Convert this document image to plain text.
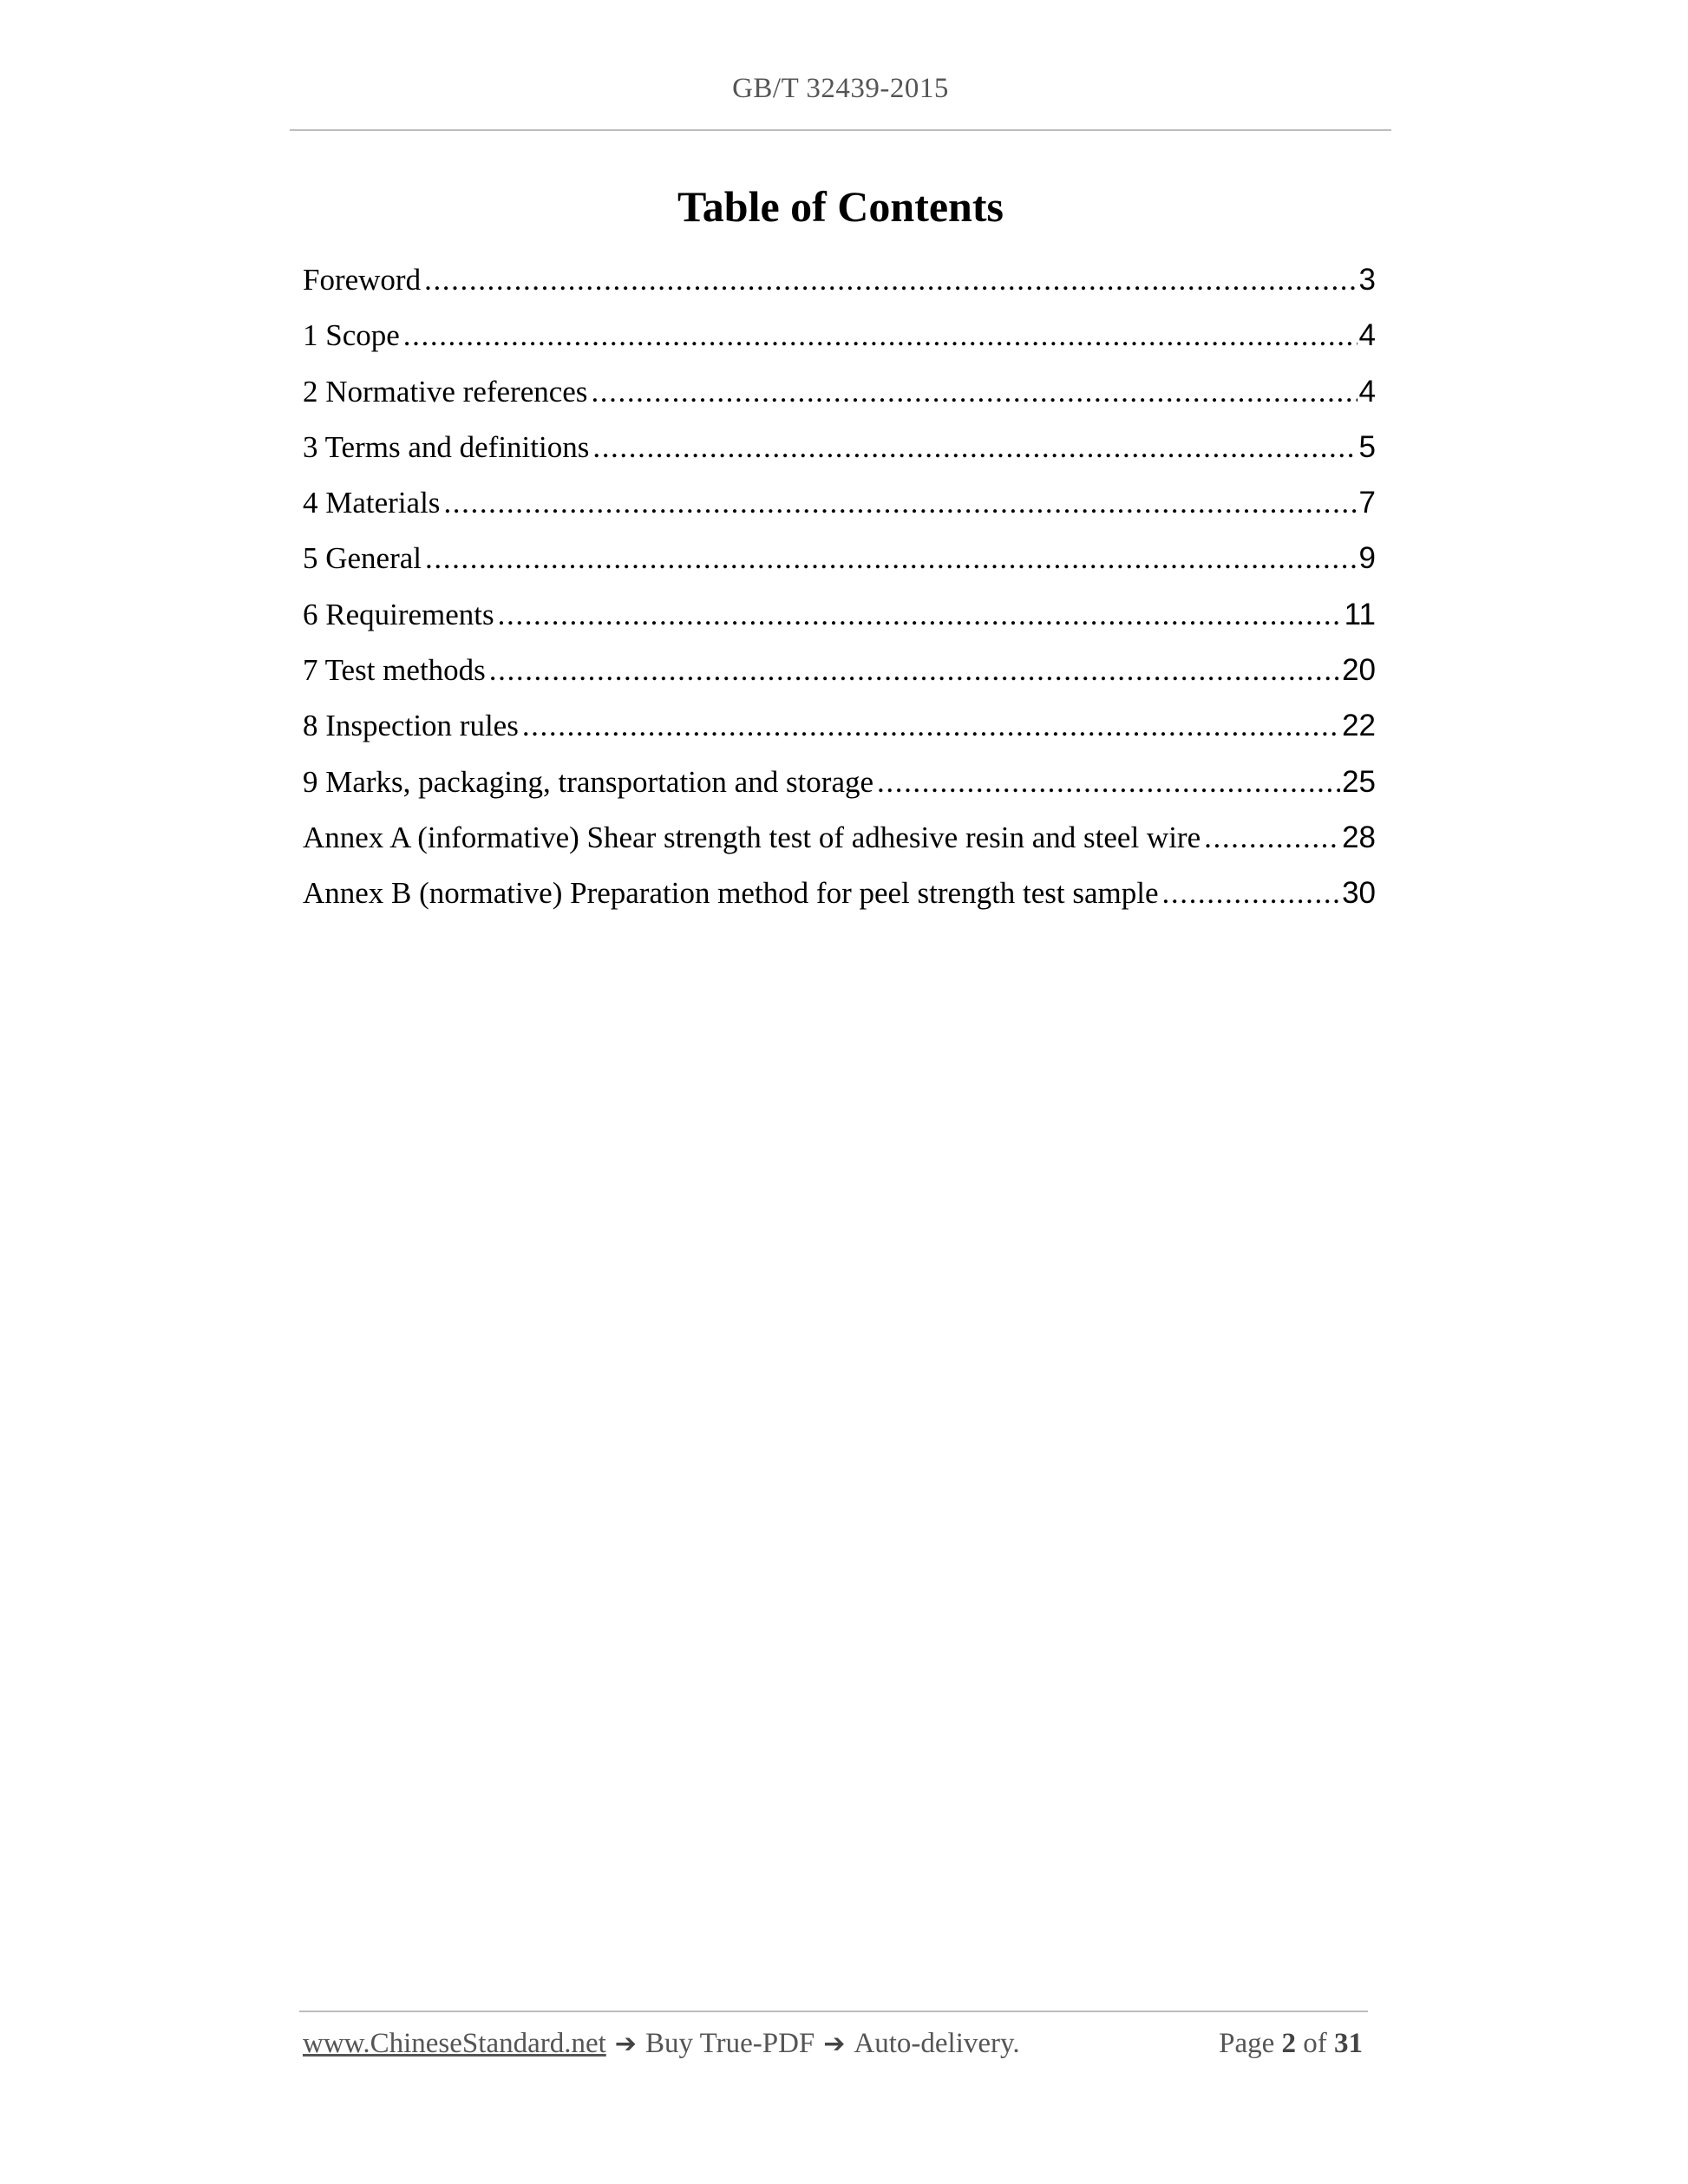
GB/T 32439-2015
Table of Contents
Foreword .....	3
1 Scope .....	4
2 Normative references .....	4
3 Terms and definitions .....	5
4 Materials .....	7
5 General .....	9
6 Requirements .....	11
7 Test methods .....	20
8 Inspection rules .....	22
9 Marks, packaging, transportation and storage .....	25
Annex A (informative) Shear strength test of adhesive resin and steel wire .....	28
Annex B (normative) Preparation method for peel strength test sample .....	30
www.ChineseStandard.net ➔ Buy True-PDF ➔ Auto-delivery.	Page 2 of 31
